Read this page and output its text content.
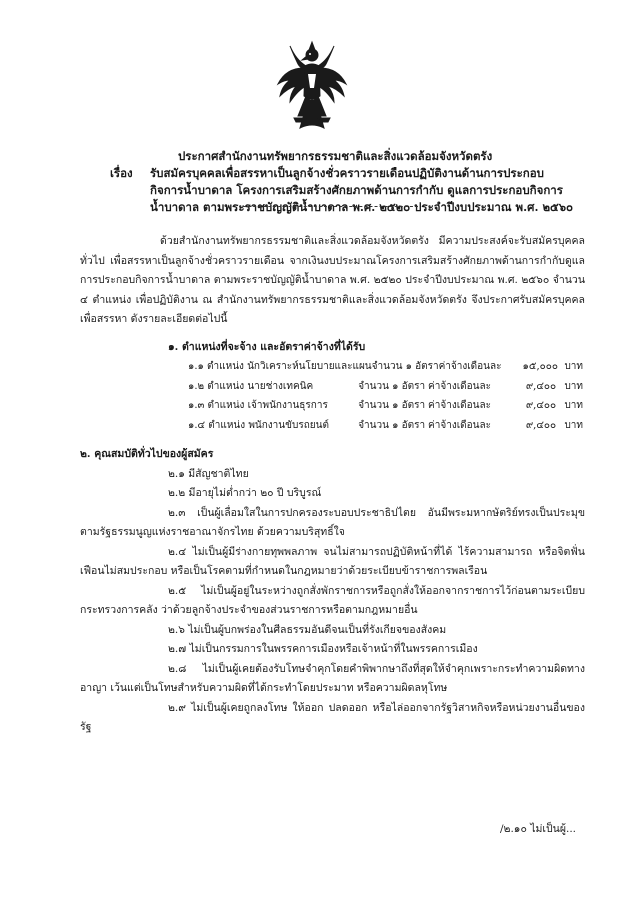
ประกาศสำนักงานทรัพยากรธรรมชาติและสิ่งแวดล้อมจังหวัดตรัง
เรื่อง	รับสมัครบุคคลเพื่อสรรหาเป็นลูกจ้างชั่วคราวรายเดือนปฏิบัติงานด้านการประกอบ
กิจการน้ำบาดาล โครงการเสริมสร้างศักยภาพด้านการกำกับ ดูแลการประกอบกิจการ
น้ำบาดาล ตามพระราชบัญญัติน้ำบาดาล พ.ศ. ๒๕๒๐ ประจำปีงบประมาณ พ.ศ. ๒๕๖๐

ด้วยสำนักงานทรัพยากรธรรมชาติและสิ่งแวดล้อมจังหวัดตรัง มีความประสงค์จะรับสมัครบุคคลทั่วไป เพื่อสรรหาเป็นลูกจ้างชั่วคราวรายเดือน จากเงินงบประมาณโครงการเสริมสร้างศักยภาพด้านการกำกับดูแลการประกอบกิจการน้ำบาดาล ตามพระราชบัญญัติน้ำบาดาล พ.ศ. ๒๕๒๐ ประจำปีงบประมาณ พ.ศ. ๒๕๖๐ จำนวน ๔ ตำแหน่ง เพื่อปฏิบัติงาน ณ สำนักงานทรัพยากรธรรมชาติและสิ่งแวดล้อมจังหวัดตรัง จึงประกาศรับสมัครบุคคลเพื่อสรรหา ดังรายละเอียดต่อไปนี้

๑. ตำแหน่งที่จะจ้าง และอัตราค่าจ้างที่ได้รับ
๑.๑ ตำแหน่ง นักวิเคราะห์นโยบายและแผน จำนวน ๑ อัตรา ค่าจ้างเดือนละ	๑๕,๐๐๐ บาท
๑.๒ ตำแหน่ง นายช่างเทคนิค	จำนวน ๑ อัตรา ค่าจ้างเดือนละ	๙,๔๐๐ บาท
๑.๓ ตำแหน่ง เจ้าพนักงานธุรการ	จำนวน ๑ อัตรา ค่าจ้างเดือนละ	๙,๔๐๐ บาท
๑.๔ ตำแหน่ง พนักงานขับรถยนต์	จำนวน ๑ อัตรา ค่าจ้างเดือนละ	๙,๔๐๐ บาท
๒. คุณสมบัติทั่วไปของผู้สมัคร

๒.๑ มีสัญชาติไทย

๒.๒ มีอายุไม่ต่ำกว่า ๒๐ ปี บริบูรณ์

๒.๓ เป็นผู้เลื่อมใสในการปกครองระบอบประชาธิปไตย อันมีพระมหากษัตริย์ทรงเป็นประมุขตามรัฐธรรมนูญแห่งราชอาณาจักรไทย ด้วยความบริสุทธิ์ใจ

๒.๔ ไม่เป็นผู้มีร่างกายทุพพลภาพ จนไม่สามารถปฏิบัติหน้าที่ได้ ไร้ความสามารถ หรือจิตฟั่นเฟือนไม่สมประกอบ หรือเป็นโรคตามที่กำหนดในกฎหมายว่าด้วยระเบียบข้าราชการพลเรือน

๒.๕ ไม่เป็นผู้อยู่ในระหว่างถูกสั่งพักราชการหรือถูกสั่งให้ออกจากราชการไว้ก่อนตามระเบียบกระทรวงการคลัง ว่าด้วยลูกจ้างประจำของส่วนราชการหรือตามกฎหมายอื่น

๒.๖ ไม่เป็นผู้บกพร่องในศีลธรรมอันดีจนเป็นที่รังเกียจของสังคม

๒.๗ ไม่เป็นกรรมการในพรรคการเมืองหรือเจ้าหน้าที่ในพรรคการเมือง

๒.๘ ไม่เป็นผู้เคยต้องรับโทษจำคุกโดยคำพิพากษาถึงที่สุดให้จำคุกเพราะกระทำความผิดทางอาญา เว้นแต่เป็นโทษสำหรับความผิดที่ได้กระทำโดยประมาท หรือความผิดลหุโทษ

๒.๙ ไม่เป็นผู้เคยถูกลงโทษ ให้ออก ปลดออก หรือไล่ออกจากรัฐวิสาหกิจหรือหน่วยงานอื่นของรัฐ

/๒.๑๐ ไม่เป็นผู้...
